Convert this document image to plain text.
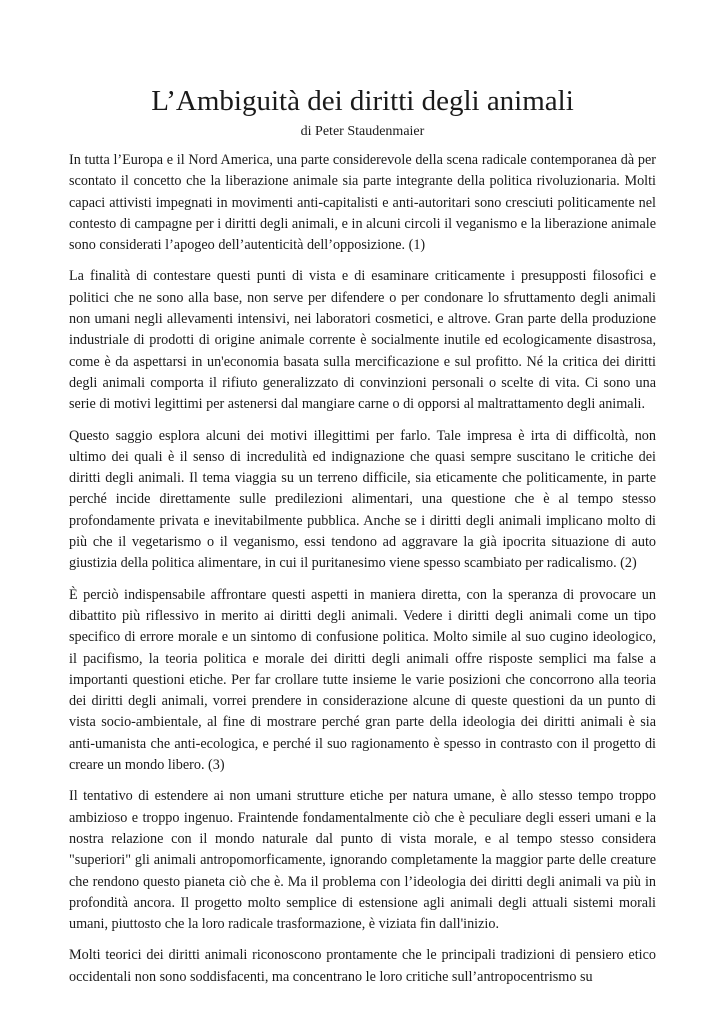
L’Ambiguità dei diritti degli animali
di Peter Staudenmaier

In tutta l’Europa e il Nord America, una parte considerevole della scena radicale contemporanea dà per scontato il concetto che la liberazione animale sia parte integrante della politica rivoluzionaria. Molti capaci attivisti impegnati in movimenti anti-capitalisti e anti-autoritari sono cresciuti politicamente nel contesto di campagne per i diritti degli animali, e in alcuni circoli il veganismo e la liberazione animale sono considerati l’apogeo dell’autenticità dell’opposizione. (1)

La finalità di contestare questi punti di vista e di esaminare criticamente i presupposti filosofici e politici che ne sono alla base, non serve per difendere o per condonare lo sfruttamento degli animali non umani negli allevamenti intensivi, nei laboratori cosmetici, e altrove. Gran parte della produzione industriale di prodotti di origine animale corrente è socialmente inutile ed ecologicamente disastrosa, come è da aspettarsi in un'economia basata sulla mercificazione e sul profitto. Né la critica dei diritti degli animali comporta il rifiuto generalizzato di convinzioni personali o scelte di vita. Ci sono una serie di motivi legittimi per astenersi dal mangiare carne o di opporsi al maltrattamento degli animali.

Questo saggio esplora alcuni dei motivi illegittimi per farlo. Tale impresa è irta di difficoltà, non ultimo dei quali è il senso di incredulità ed indignazione che quasi sempre suscitano le critiche dei diritti degli animali. Il tema viaggia su un terreno difficile, sia eticamente che politicamente, in parte perché incide direttamente sulle predilezioni alimentari, una questione che è al tempo stesso profondamente privata e inevitabilmente pubblica. Anche se i diritti degli animali implicano molto di più che il vegetarismo o il veganismo, essi tendono ad aggravare la già ipocrita situazione di auto giustizia della politica alimentare, in cui il puritanesimo viene spesso scambiato per radicalismo. (2)

È perciò indispensabile affrontare questi aspetti in maniera diretta, con la speranza di provocare un dibattito più riflessivo in merito ai diritti degli animali. Vedere i diritti degli animali come un tipo specifico di errore morale e un sintomo di confusione politica. Molto simile al suo cugino ideologico, il pacifismo, la teoria politica e morale dei diritti degli animali offre risposte semplici ma false a importanti questioni etiche. Per far crollare tutte insieme le varie posizioni che concorrono alla teoria dei diritti degli animali, vorrei prendere in considerazione alcune di queste questioni da un punto di vista socio-ambientale, al fine di mostrare perché gran parte della ideologia dei diritti animali è sia anti-umanista che anti-ecologica, e perché il suo ragionamento è spesso in contrasto con il progetto di creare un mondo libero. (3)

Il tentativo di estendere ai non umani strutture etiche per natura umane, è allo stesso tempo troppo ambizioso e troppo ingenuo. Fraintende fondamentalmente ciò che è peculiare degli esseri umani e la nostra relazione con il mondo naturale dal punto di vista morale, e al tempo stesso considera "superiori" gli animali antropomorficamente, ignorando completamente la maggior parte delle creature che rendono questo pianeta ciò che è. Ma il problema con l’ideologia dei diritti degli animali va più in profondità ancora. Il progetto molto semplice di estensione agli animali degli attuali sistemi morali umani, piuttosto che la loro radicale trasformazione, è viziata fin dall'inizio.

Molti teorici dei diritti animali riconoscono prontamente che le principali tradizioni di pensiero etico occidentali non sono soddisfacenti, ma concentrano le loro critiche sull’antropocentrismo su
